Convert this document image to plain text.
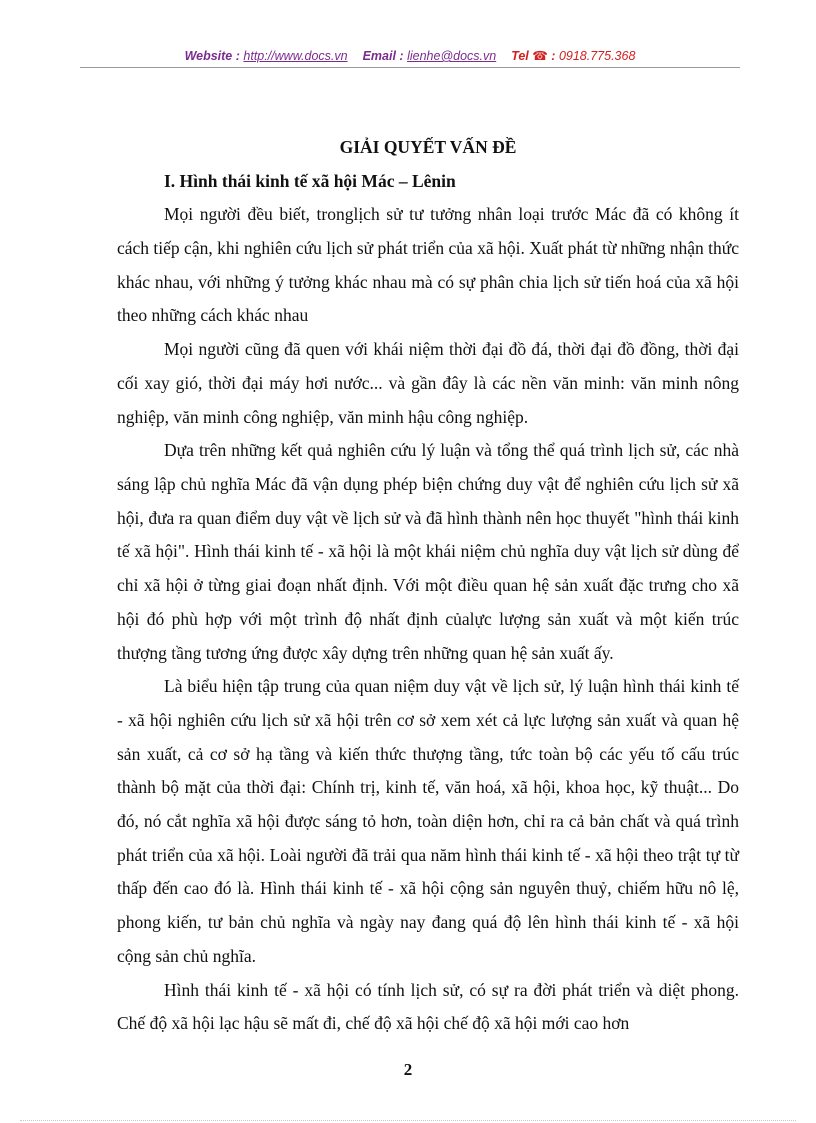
Website : http://www.docs.vn Email : lienhe@docs.vn Tel ☎ : 0918.775.368
GIẢI QUYẾT VẤN ĐỀ
I. Hình thái kinh tế xã hội Mác – Lênin

Mọi người đều biết, tronglịch sử tư tưởng nhân loại trước Mác đã có không ít cách tiếp cận, khi nghiên cứu lịch sử phát triển của xã hội. Xuất phát từ những nhận thức khác nhau, với những ý tưởng khác nhau mà có sự phân chia lịch sử tiến hoá của xã hội theo những cách khác nhau

Mọi người cũng đã quen với khái niệm thời đại đồ đá, thời đại đồ đồng, thời đại cối xay gió, thời đại máy hơi nước... và gần đây là các nền văn minh: văn minh nông nghiệp, văn minh công nghiệp, văn minh hậu công nghiệp.

Dựa trên những kết quả nghiên cứu lý luận và tổng thể quá trình lịch sử, các nhà sáng lập chủ nghĩa Mác đã vận dụng phép biện chứng duy vật để nghiên cứu lịch sử xã hội, đưa ra quan điểm duy vật về lịch sử và đã hình thành nên học thuyết "hình thái kinh tế xã hội". Hình thái kinh tế - xã hội là một khái niệm chủ nghĩa duy vật lịch sử dùng để chỉ xã hội ở từng giai đoạn nhất định. Với một điều quan hệ sản xuất đặc trưng cho xã hội đó phù hợp với một trình độ nhất định củalực lượng sản xuất và một kiến trúc thượng tầng tương ứng được xây dựng trên những quan hệ sản xuất ấy.

Là biểu hiện tập trung của quan niệm duy vật về lịch sử, lý luận hình thái kinh tế - xã hội nghiên cứu lịch sử xã hội trên cơ sở xem xét cả lực lượng sản xuất và quan hệ sản xuất, cả cơ sở hạ tầng và kiến thức thượng tầng, tức toàn bộ các yếu tố cấu trúc thành bộ mặt của thời đại: Chính trị, kinh tế, văn hoá, xã hội, khoa học, kỹ thuật... Do đó, nó cắt nghĩa xã hội được sáng tỏ hơn, toàn diện hơn, chỉ ra cả bản chất và quá trình phát triển của xã hội. Loài người đã trải qua năm hình thái kinh tế - xã hội theo trật tự từ thấp đến cao đó là. Hình thái kinh tế - xã hội cộng sản nguyên thuỷ, chiếm hữu nô lệ, phong kiến, tư bản chủ nghĩa và ngày nay đang quá độ lên hình thái kinh tế - xã hội cộng sản chủ nghĩa.

Hình thái kinh tế - xã hội có tính lịch sử, có sự ra đời phát triển và diệt phong. Chế độ xã hội lạc hậu sẽ mất đi, chế độ xã hội chế độ xã hội mới cao hơn

2
